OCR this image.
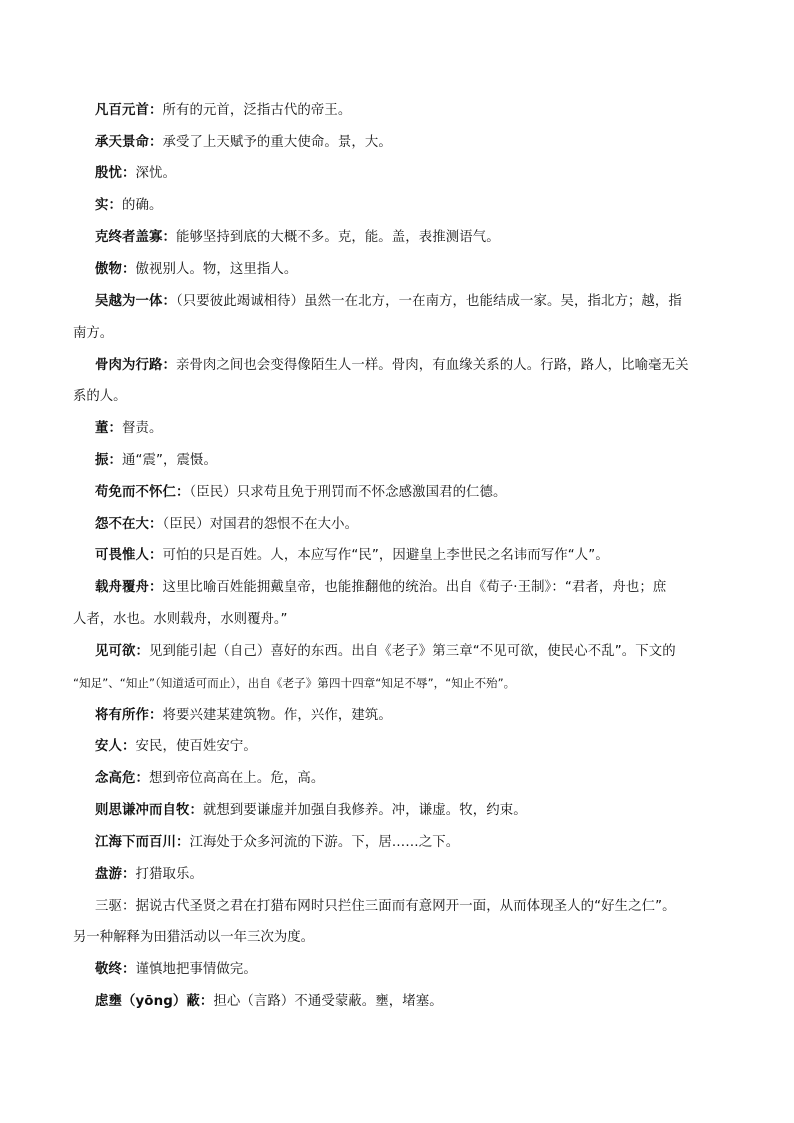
凡百元首：所有的元首，泛指古代的帝王。
承天景命：承受了上天赋予的重大使命。景，大。
殷忧：深忧。
实：的确。
克终者盖寡：能够坚持到底的大概不多。克，能。盖，表推测语气。
傲物：傲视别人。物，这里指人。
吴越为一体：（只要彼此竭诚相待）虽然一在北方，一在南方，也能结成一家。吴，指北方；越，指
南方。
骨肉为行路：亲骨肉之间也会变得像陌生人一样。骨肉，有血缘关系的人。行路，路人，比喻毫无关
系的人。
董：督责。
振：通“震”，震慑。
苟免而不怀仁：（臣民）只求苟且免于刑罚而不怀念感激国君的仁德。
怨不在大：（臣民）对国君的怨恨不在大小。
可畏惟人：可怕的只是百姓。人，本应写作“民”，因避皇上李世民之名讳而写作“人”。
载舟覆舟：这里比喻百姓能拥戴皇帝，也能推翻他的统治。出自《荀子·王制》：“君者，舟也；庶
人者，水也。水则载舟，水则覆舟。”
见可欲：见到能引起（自己）喜好的东西。出自《老子》第三章“不见可欲，使民心不乱”。下文的
“知足”、“知止”（知道适可而止），出自《老子》第四十四章“知足不辱”，“知止不殆”。
将有所作：将要兴建某建筑物。作，兴作，建筑。
安人：安民，使百姓安宁。
念高危：想到帝位高高在上。危，高。
则思谦冲而自牧：就想到要谦虚并加强自我修养。冲，谦虚。牧，约束。
江海下而百川：江海处于众多河流的下游。下，居……之下。
盘游：打猎取乐。
三驱：据说古代圣贤之君在打猎布网时只拦住三面而有意网开一面，从而体现圣人的“好生之仁”。
另一种解释为田猎活动以一年三次为度。
敬终：谨慎地把事情做完。
虑壅（yōng）蔽：担心（言路）不通受蒙蔽。壅，堵塞。
